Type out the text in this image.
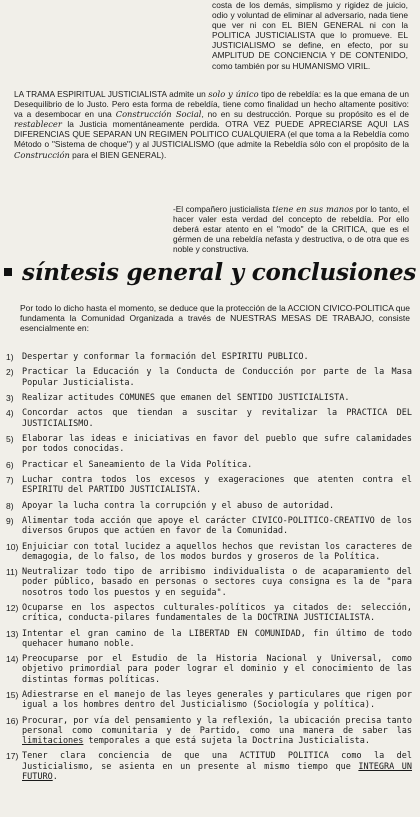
costa de los demás, simplismo y rigidez de juicio, odio y voluntad de eliminar al adversario, nada tiene que ver ni con EL BIEN GENERAL ni con la POLITICA JUSTICIALISTA que lo promueve. EL JUSTICIALISMO se define, en efecto, por su AMPLITUD DE CONCIENCIA Y DE CONTENIDO, como también por su HUMANISMO VIRIL.
LA TRAMA ESPIRITUAL JUSTICIALISTA admite un solo y único tipo de rebeldía: es la que emana de un Desequilibrio de lo Justo. Pero esta forma de rebeldía, tiene como finalidad un hecho altamente positivo: va a desembocar en una Construcción Social, no en su destrucción. Porque su propósito es el de restablecer la Justicia momentáneamente perdida. OTRA VEZ PUEDE APRECIARSE AQUI LAS DIFERENCIAS QUE SEPARAN UN REGIMEN POLITICO CUALQUIERA (el que toma a la Rebeldía como Método o "Sistema de choque") y al JUSTICIALISMO (que admite la Rebeldía sólo con el propósito de la Construcción para el BIEN GENERAL).
-El compañero justicialista tiene en sus manos por lo tanto, el hacer valer esta verdad del concepto de rebeldía. Por ello deberá estar atento en el "modo" de la CRITICA, que es el gérmen de una rebeldía nefasta y destructiva, o de otra que es noble y constructiva.
síntesis general y conclusiones
Por todo lo dicho hasta el momento, se deduce que la protección de la ACCION CIVICO-POLITICA que fundamenta la Comunidad Organizada a través de NUESTRAS MESAS DE TRABAJO, consiste esencialmente en:
1) Despertar y conformar la formación del ESPIRITU PUBLICO.
2) Practicar la Educación y la Conducta de Conducción por parte de la Masa Popular Justicialista.
3) Realizar actitudes COMUNES que emanen del SENTIDO JUSTICIALISTA.
4) Concordar actos que tiendan a suscitar y revitalizar la PRACTICA DEL JUSTICIALISMO.
5) Elaborar las ideas e iniciativas en favor del pueblo que sufre calamidades por todos conocidas.
6) Practicar el Saneamiento de la Vida Política.
7) Luchar contra todos los excesos y exageraciones que atenten contra el ESPIRITU del PARTIDO JUSTICIALISTA.
8) Apoyar la lucha contra la corrupción y el abuso de autoridad.
9) Alimentar toda acción que apoye el carácter CIVICO-POLITICO-CREATIVO de los diversos Grupos que actúen en favor de la Comunidad.
10) Enjuiciar con total lucidez a aquellos hechos que revistan los caracteres de demagogia, de lo falso, de los modos burdos y groseros de la Política.
11) Neutralizar todo tipo de arribismo individualista o de acaparamiento del poder público, basado en personas o sectores cuya consigna es la de "para nosotros todo los puestos y en seguida".
12) Ocuparse en los aspectos culturales-políticos ya citados de: selección, crítica, conducta-pilares fundamentales de la DOCTRINA JUSTICIALISTA.
13) Intentar el gran camino de la LIBERTAD EN COMUNIDAD, fin último de todo quehacer humano noble.
14) Preocuparse por el Estudio de la Historia Nacional y Universal, como objetivo primordial para poder lograr el dominio y el conocimiento de las distintas formas políticas.
15) Adiestrarse en el manejo de las leyes generales y particulares que rigen por igual a los hombres dentro del Justicialismo (Sociología y política).
16) Procurar, por vía del pensamiento y la reflexión, la ubicación precisa tanto personal como comunitaria y de Partido, como una manera de saber las limitaciones temporales a que está sujeta la Doctrina Justicialista.
17) Tener clara conciencia de que una ACTITUD POLITICA como la del Justicialismo, se asienta en un presente al mismo tiempo que INTEGRA UN FUTURO.
